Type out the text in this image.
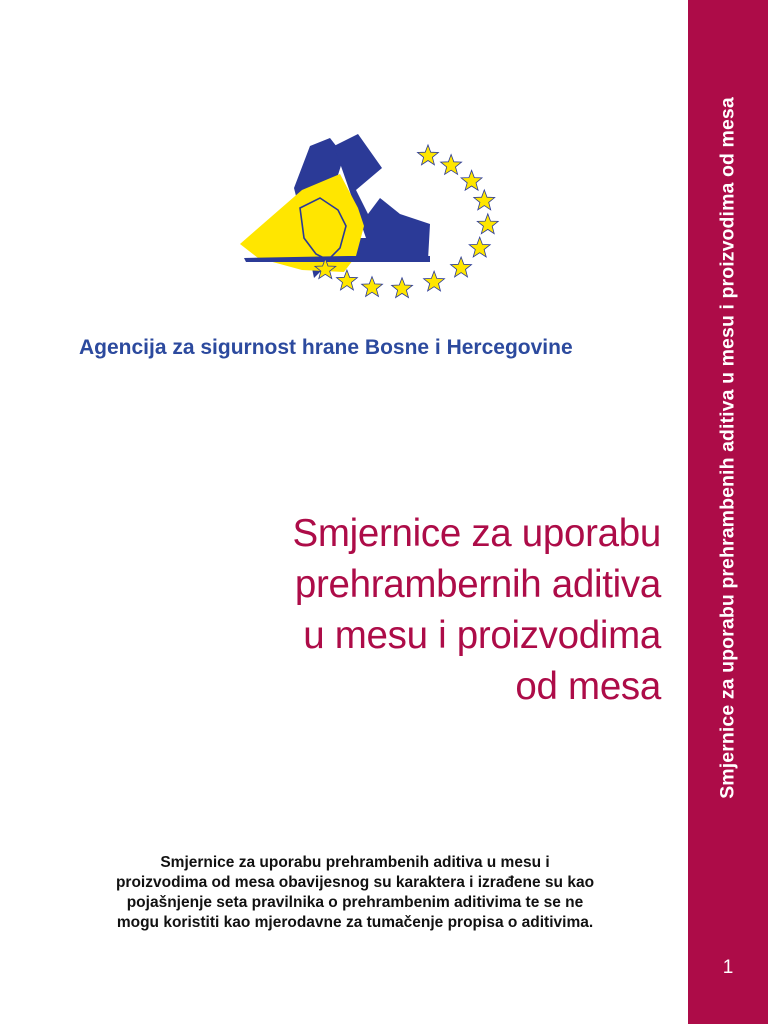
Agencija za sigurnost hrane Bosne i Hercegovine
Smjernice za uporabu
prehrambernih aditiva
u mesu i proizvodima
od mesa
Smjernice za uporabu prehrambenih aditiva u mesu i
proizvodima od mesa obavijesnog su karaktera i izrađene su kao
pojašnjenje seta pravilnika o prehrambenim aditivima te se ne
mogu koristiti kao mjerodavne za tumačenje propisa o aditivima.
Smjernice za uporabu prehrambenih aditiva u mesu i proizvodima od mesa
1
